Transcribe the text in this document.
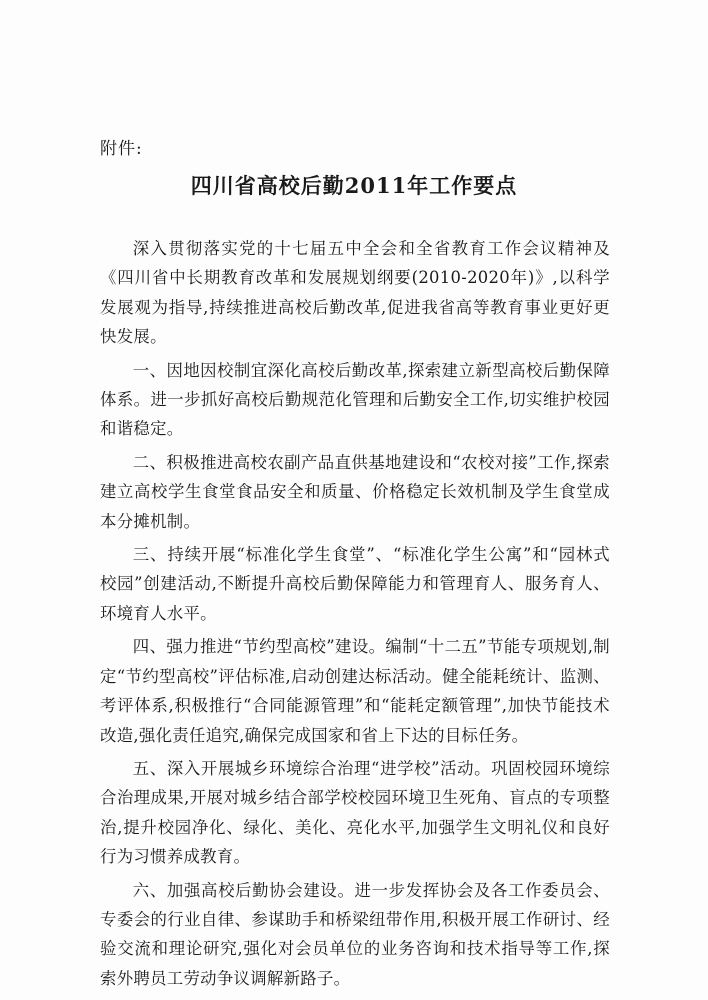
附件:
四川省高校后勤2011年工作要点

深入贯彻落实党的十七届五中全会和全省教育工作会议精神及《四川省中长期教育改革和发展规划纲要(2010-2020年)》,以科学发展观为指导,持续推进高校后勤改革,促进我省高等教育事业更好更快发展。

一、因地因校制宜深化高校后勤改革,探索建立新型高校后勤保障体系。进一步抓好高校后勤规范化管理和后勤安全工作,切实维护校园和谐稳定。

二、积极推进高校农副产品直供基地建设和“农校对接”工作,探索建立高校学生食堂食品安全和质量、价格稳定长效机制及学生食堂成本分摊机制。

三、持续开展“标准化学生食堂”、“标准化学生公寓”和“园林式校园”创建活动,不断提升高校后勤保障能力和管理育人、服务育人、环境育人水平。

四、强力推进“节约型高校”建设。编制“十二五”节能专项规划,制定“节约型高校”评估标准,启动创建达标活动。健全能耗统计、监测、考评体系,积极推行“合同能源管理”和“能耗定额管理”,加快节能技术改造,强化责任追究,确保完成国家和省上下达的目标任务。

五、深入开展城乡环境综合治理“进学校”活动。巩固校园环境综合治理成果,开展对城乡结合部学校校园环境卫生死角、盲点的专项整治,提升校园净化、绿化、美化、亮化水平,加强学生文明礼仪和良好行为习惯养成教育。

六、加强高校后勤协会建设。进一步发挥协会及各工作委员会、专委会的行业自律、参谋助手和桥梁纽带作用,积极开展工作研讨、经验交流和理论研究,强化对会员单位的业务咨询和技术指导等工作,探索外聘员工劳动争议调解新路子。
